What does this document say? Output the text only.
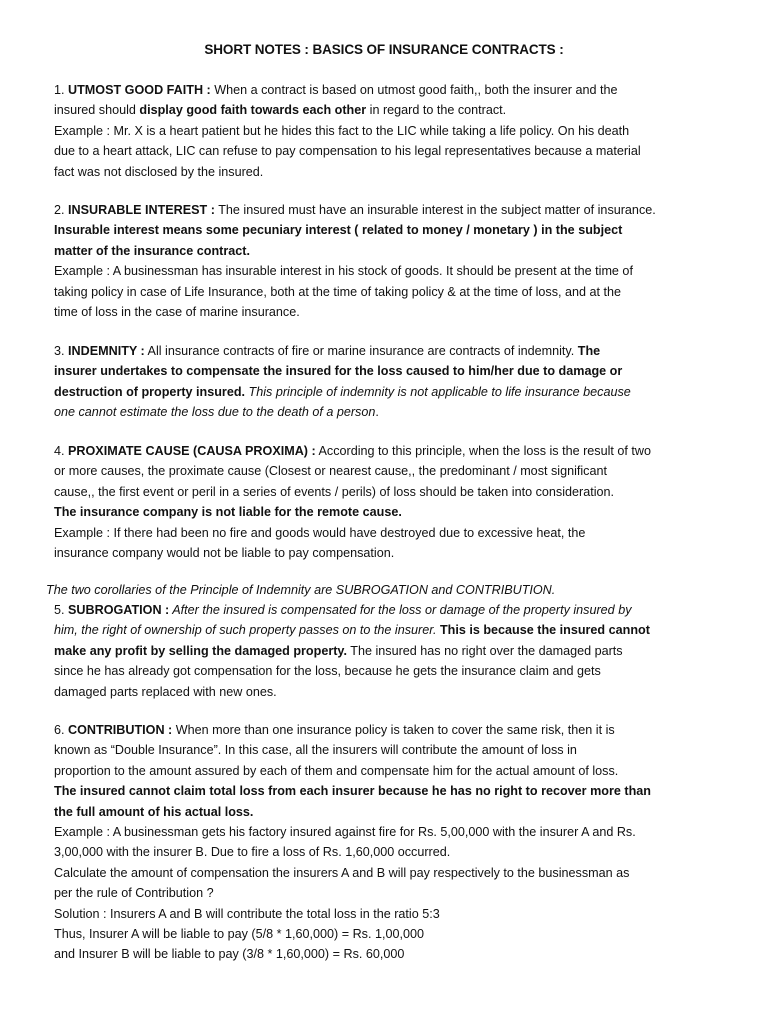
SHORT NOTES : BASICS OF INSURANCE CONTRACTS :
1. UTMOST GOOD FAITH : When a contract is based on utmost good faith,, both the insurer and the
insured should display good faith towards each other in regard to the contract.
Example : Mr. X is a heart patient but he hides this fact to the LIC while taking a life policy. On his death
due to a heart attack, LIC can refuse to pay compensation to his legal representatives because a material
fact was not disclosed by the insured.
2. INSURABLE INTEREST : The insured must have an insurable interest in the subject matter of insurance.
Insurable interest means some pecuniary interest ( related to money / monetary ) in the subject
matter of the insurance contract.
Example : A businessman has insurable interest in his stock of goods. It should be present at the time of
taking policy in case of Life Insurance, both at the time of taking policy & at the time of loss, and at the
time of loss in the case of marine insurance.
3. INDEMNITY : All insurance contracts of fire or marine insurance are contracts of indemnity. The
insurer undertakes to compensate the insured for the loss caused to him/her due to damage or
destruction of property insured. This principle of indemnity is not applicable to life insurance because
one cannot estimate the loss due to the death of a person.
4. PROXIMATE CAUSE (CAUSA PROXIMA) : According to this principle, when the loss is the result of two
or more causes, the proximate cause (Closest or nearest cause,, the predominant / most significant
cause,, the first event or peril in a series of events / perils) of loss should be taken into consideration.
The insurance company is not liable for the remote cause.
Example : If there had been no fire and goods would have destroyed due to excessive heat, the
insurance company would not be liable to pay compensation.
The two corollaries of the Principle of Indemnity are SUBROGATION and CONTRIBUTION.
5. SUBROGATION : After the insured is compensated for the loss or damage of the property insured by
him, the right of ownership of such property passes on to the insurer. This is because the insured cannot
make any profit by selling the damaged property. The insured has no right over the damaged parts
since he has already got compensation for the loss, because he gets the insurance claim and gets
damaged parts replaced with new ones.
6. CONTRIBUTION : When more than one insurance policy is taken to cover the same risk, then it is
known as “Double Insurance”. In this case, all the insurers will contribute the amount of loss in
proportion to the amount assured by each of them and compensate him for the actual amount of loss.
The insured cannot claim total loss from each insurer because he has no right to recover more than
the full amount of his actual loss.
Example : A businessman gets his factory insured against fire for Rs. 5,00,000 with the insurer A and Rs.
3,00,000 with the insurer B. Due to fire a loss of Rs. 1,60,000 occurred.
Calculate the amount of compensation the insurers A and B will pay respectively to the businessman as
per the rule of Contribution ?
Solution : Insurers A and B will contribute the total loss in the ratio 5:3
Thus, Insurer A will be liable to pay (5/8 * 1,60,000) = Rs. 1,00,000
and Insurer B will be liable to pay (3/8 * 1,60,000) = Rs. 60,000
